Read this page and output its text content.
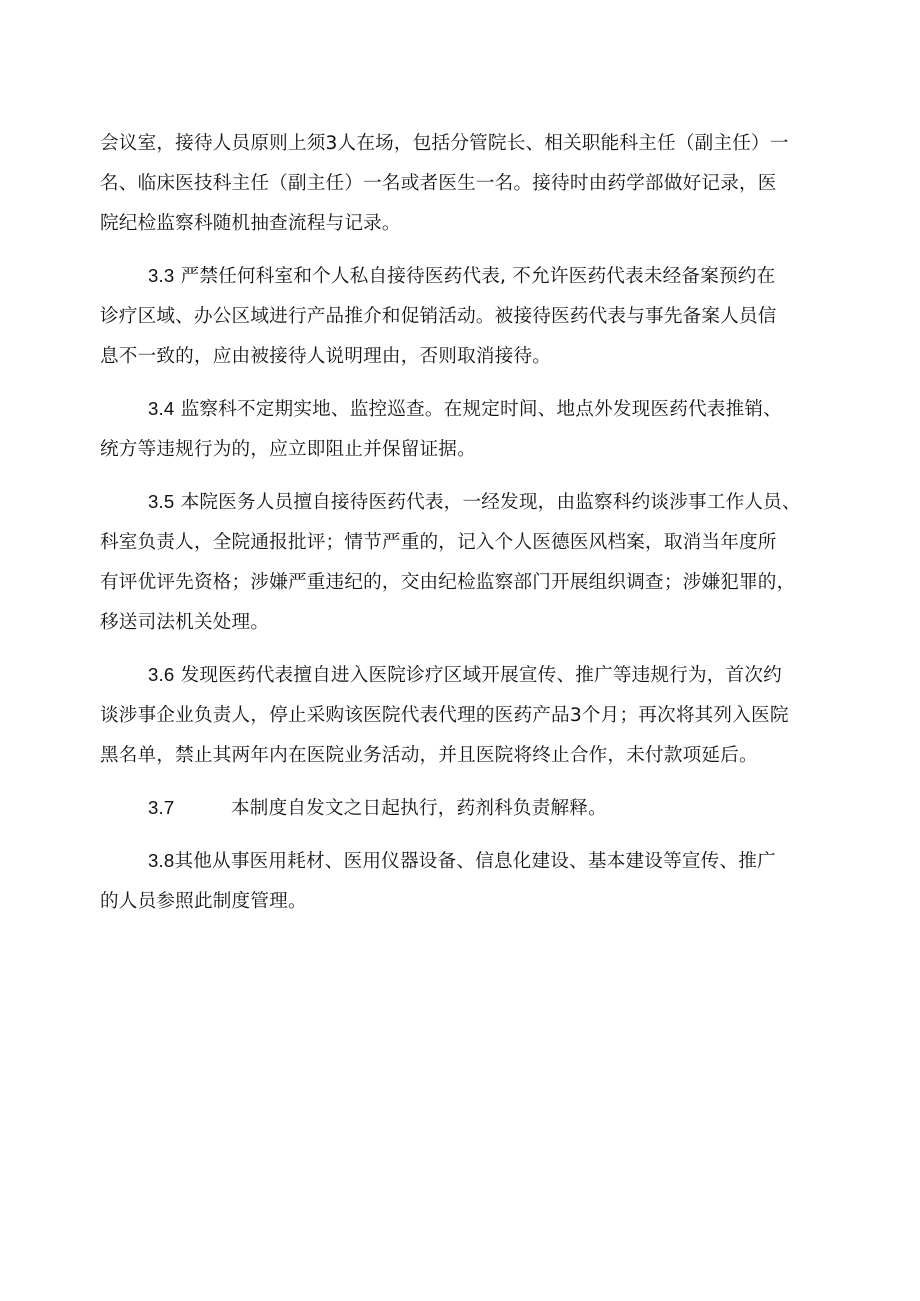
会议室，接待人员原则上须3人在场，包括分管院长、相关职能科主任（副主任）一
名、临床医技科主任（副主任）一名或者医生一名。接待时由药学部做好记录，医
院纪检监察科随机抽查流程与记录。
3.3 严禁任何科室和个人私自接待医药代表, 不允许医药代表未经备案预约在
诊疗区域、办公区域进行产品推介和促销活动。被接待医药代表与事先备案人员信
息不一致的，应由被接待人说明理由，否则取消接待。
3.4 监察科不定期实地、监控巡查。在规定时间、地点外发现医药代表推销、
统方等违规行为的，应立即阻止并保留证据。
3.5 本院医务人员擅自接待医药代表，一经发现，由监察科约谈涉事工作人员、
科室负责人，全院通报批评；情节严重的，记入个人医德医风档案，取消当年度所
有评优评先资格；涉嫌严重违纪的，交由纪检监察部门开展组织调查；涉嫌犯罪的，
移送司法机关处理。
3.6 发现医药代表擅自进入医院诊疗区域开展宣传、推广等违规行为，首次约
谈涉事企业负责人，停止采购该医院代表代理的医药产品3个月；再次将其列入医院
黑名单，禁止其两年内在医院业务活动，并且医院将终止合作，未付款项延后。
3.7	本制度自发文之日起执行，药剂科负责解释。
3.8其他从事医用耗材、医用仪器设备、信息化建设、基本建设等宣传、推广
的人员参照此制度管理。
